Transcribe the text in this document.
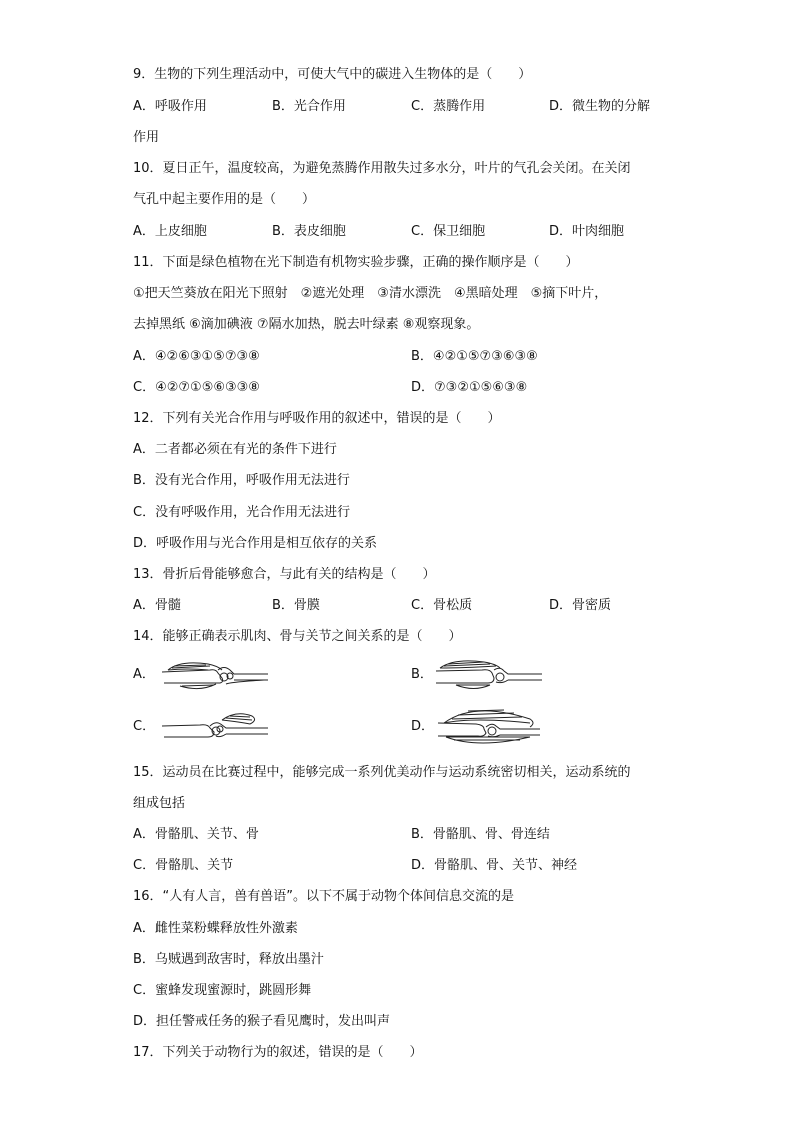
9．生物的下列生理活动中，可使大气中的碳进入生物体的是（　　）
A．呼吸作用	B．光合作用	C．蒸腾作用	D．微生物的分解
作用
10．夏日正午，温度较高，为避免蒸腾作用散失过多水分，叶片的气孔会关闭。在关闭
气孔中起主要作用的是（　　）
A．上皮细胞	B．表皮细胞	C．保卫细胞	D．叶肉细胞
11．下面是绿色植物在光下制造有机物实验步骤，正确的操作顺序是（　　）
①把天竺葵放在阳光下照射　②遮光处理　③清水漂洗　④黑暗处理　⑤摘下叶片，
去掉黑纸 ⑥滴加碘液 ⑦隔水加热，脱去叶绿素 ⑧观察现象。
A．④②⑥③①⑤⑦③⑧	B．④②①⑤⑦③⑥③⑧
C．④②⑦①⑤⑥③③⑧	D．⑦③②①⑤⑥③⑧
12．下列有关光合作用与呼吸作用的叙述中，错误的是（　　）
A．二者都必须在有光的条件下进行
B．没有光合作用，呼吸作用无法进行
C．没有呼吸作用，光合作用无法进行
D．呼吸作用与光合作用是相互依存的关系
13．骨折后骨能够愈合，与此有关的结构是（　　）
A．骨髓	B．骨膜	C．骨松质	D．骨密质
14．能够正确表示肌肉、骨与关节之间关系的是（　　）
A．	B．
C．	D．
15．运动员在比赛过程中，能够完成一系列优美动作与运动系统密切相关，运动系统的
组成包括
A．骨骼肌、关节、骨	B．骨骼肌、骨、骨连结
C．骨骼肌、关节	D．骨骼肌、骨、关节、神经
16．“人有人言，兽有兽语”。以下不属于动物个体间信息交流的是
A．雌性菜粉蝶释放性外激素
B．乌贼遇到敌害时，释放出墨汁
C．蜜蜂发现蜜源时，跳圆形舞
D．担任警戒任务的猴子看见鹰时，发出叫声
17．下列关于动物行为的叙述，错误的是（　　）
